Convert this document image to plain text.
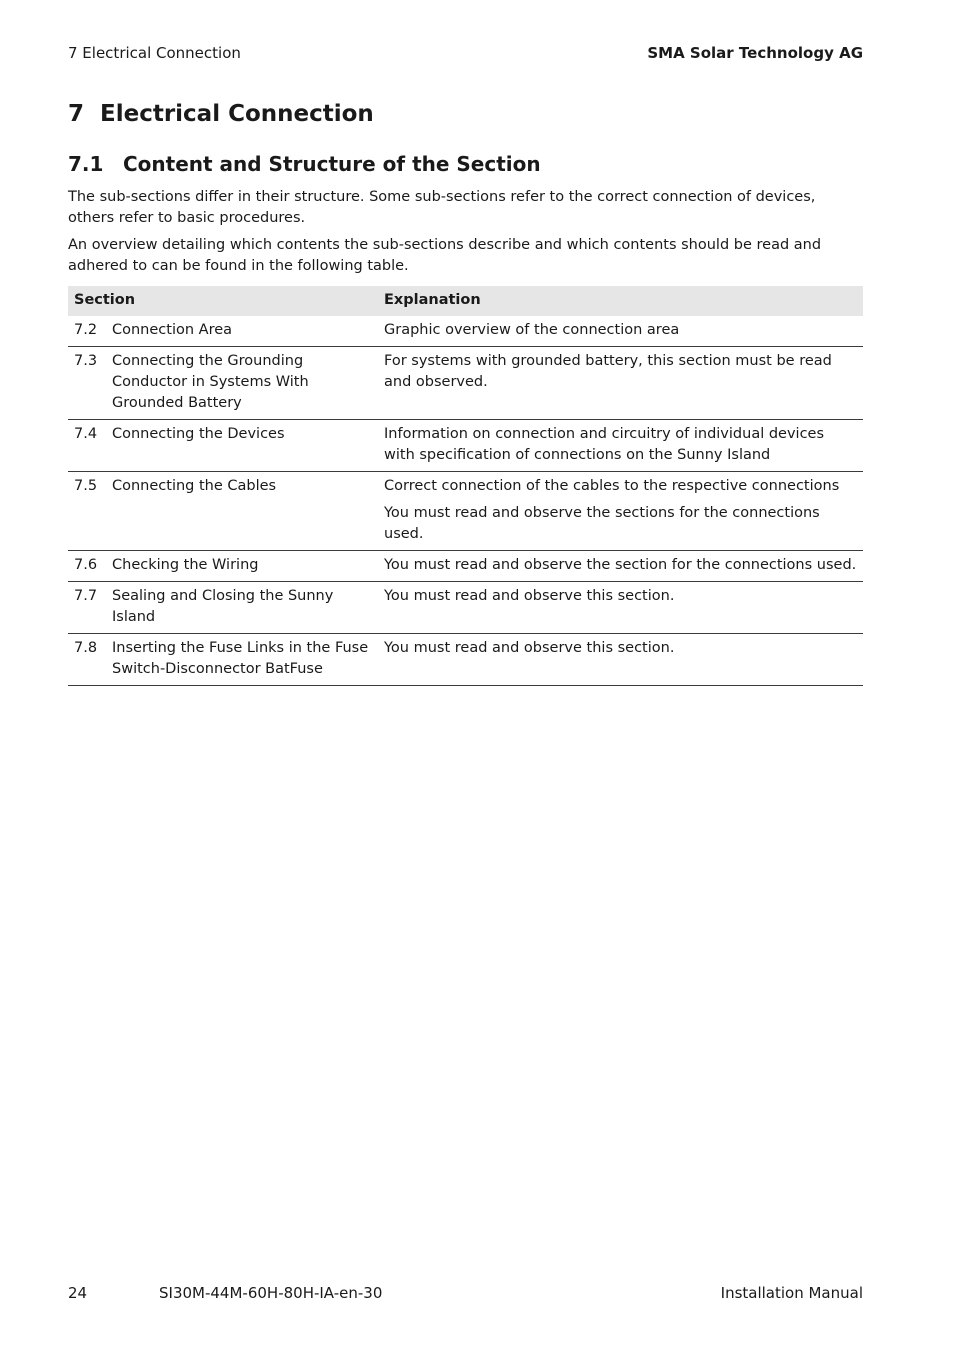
7 Electrical Connection	SMA Solar Technology AG
7 Electrical Connection
7.1 Content and Structure of the Section

The sub-sections differ in their structure. Some sub-sections refer to the correct connection of devices, others refer to basic procedures.

An overview detailing which contents the sub-sections describe and which contents should be read and adhered to can be found in the following table.

Section		Explanation
7.2	Connection Area	Graphic overview of the connection area

7.3	Connecting the Grounding Conductor in Systems With Grounded Battery	For systems with grounded battery, this section must be read and observed.

7.4	Connecting the Devices	Information on connection and circuitry of individual devices with specification of connections on the Sunny Island

7.5	Connecting the Cables	Correct connection of the cables to the respective connections
You must read and observe the sections for the connections used.

7.6	Checking the Wiring	You must read and observe the section for the connections used.

7.7	Sealing and Closing the Sunny Island	You must read and observe this section.

7.8	Inserting the Fuse Links in the Fuse Switch-Disconnector BatFuse	You must read and observe this section.
24	SI30M-44M-60H-80H-IA-en-30	Installation Manual
